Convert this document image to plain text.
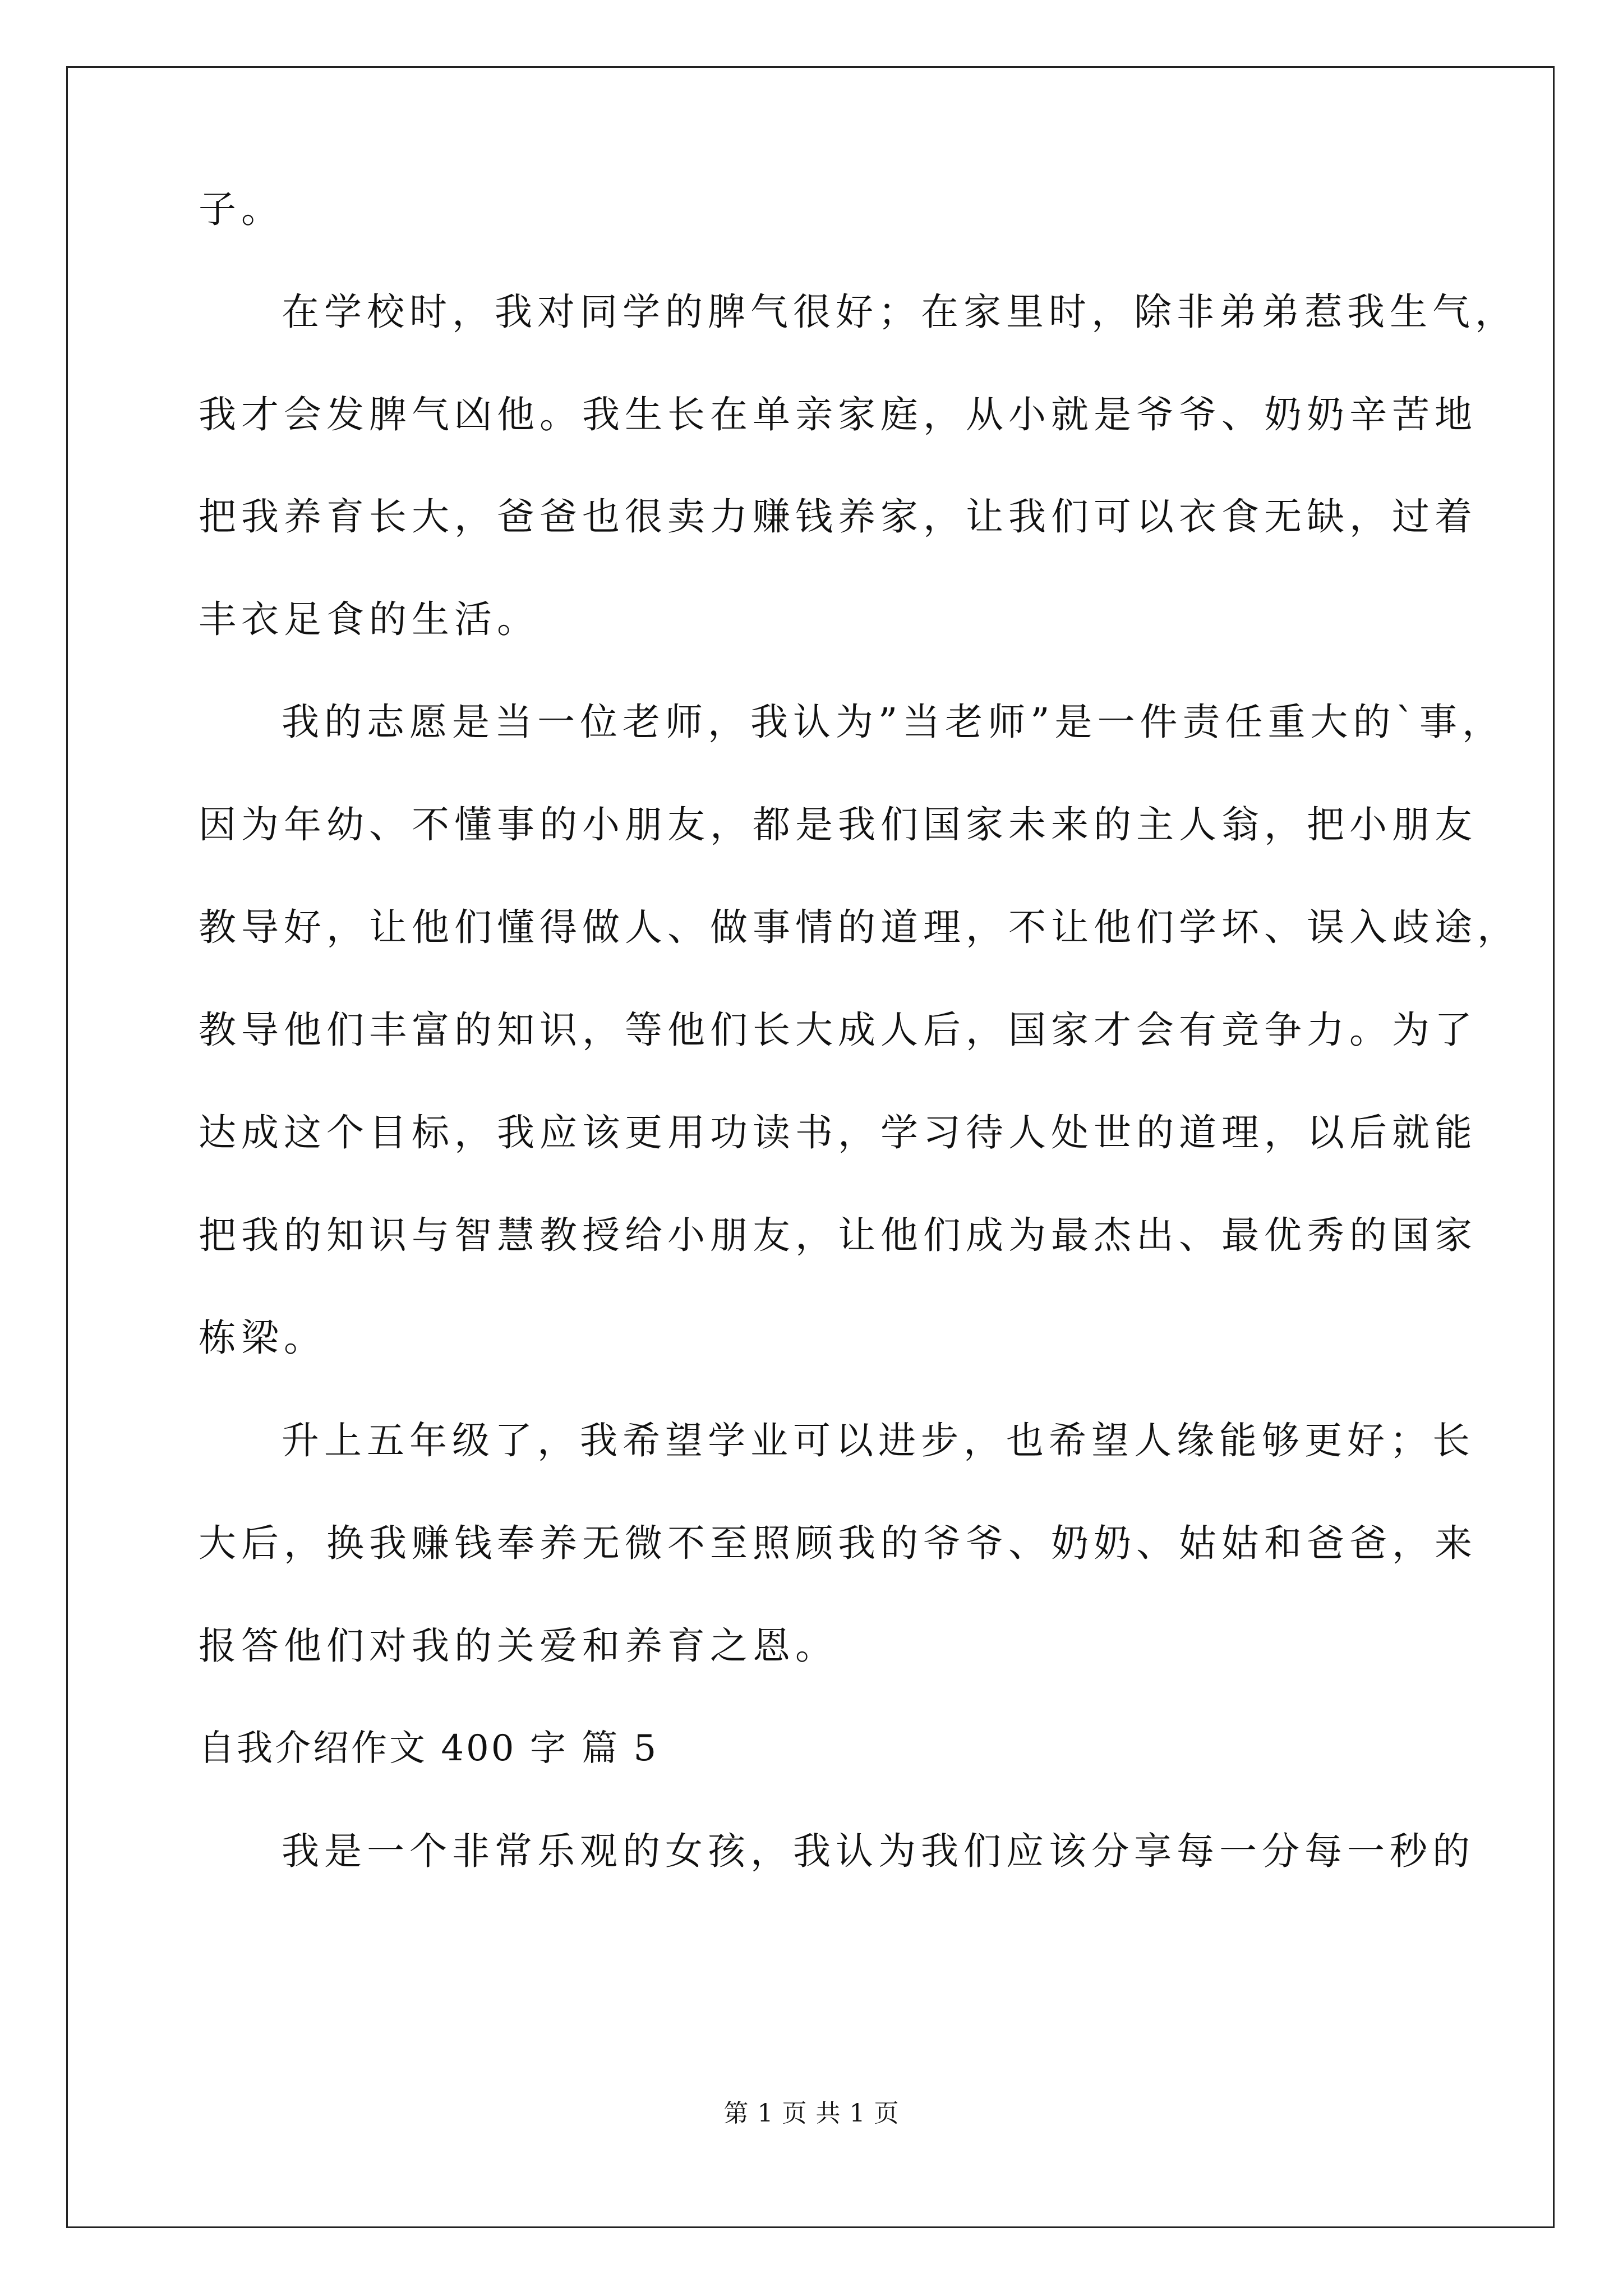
子。
在学校时，我对同学的脾气很好；在家里时，除非弟弟惹我生气，
我才会发脾气凶他。我生长在单亲家庭，从小就是爷爷、奶奶辛苦地
把我养育长大，爸爸也很卖力赚钱养家，让我们可以衣食无缺，过着
丰衣足食的生活。
我的志愿是当一位老师，我认为”当老师”是一件责任重大的`事，
因为年幼、不懂事的小朋友，都是我们国家未来的主人翁，把小朋友
教导好，让他们懂得做人、做事情的道理，不让他们学坏、误入歧途，
教导他们丰富的知识，等他们长大成人后，国家才会有竞争力。为了
达成这个目标，我应该更用功读书，学习待人处世的道理，以后就能
把我的知识与智慧教授给小朋友，让他们成为最杰出、最优秀的国家
栋梁。
升上五年级了，我希望学业可以进步，也希望人缘能够更好；长
大后，换我赚钱奉养无微不至照顾我的爷爷、奶奶、姑姑和爸爸，来
报答他们对我的关爱和养育之恩。
自我介绍作文 400 字 篇 5
我是一个非常乐观的女孩，我认为我们应该分享每一分每一秒的
第 1 页 共 1 页
